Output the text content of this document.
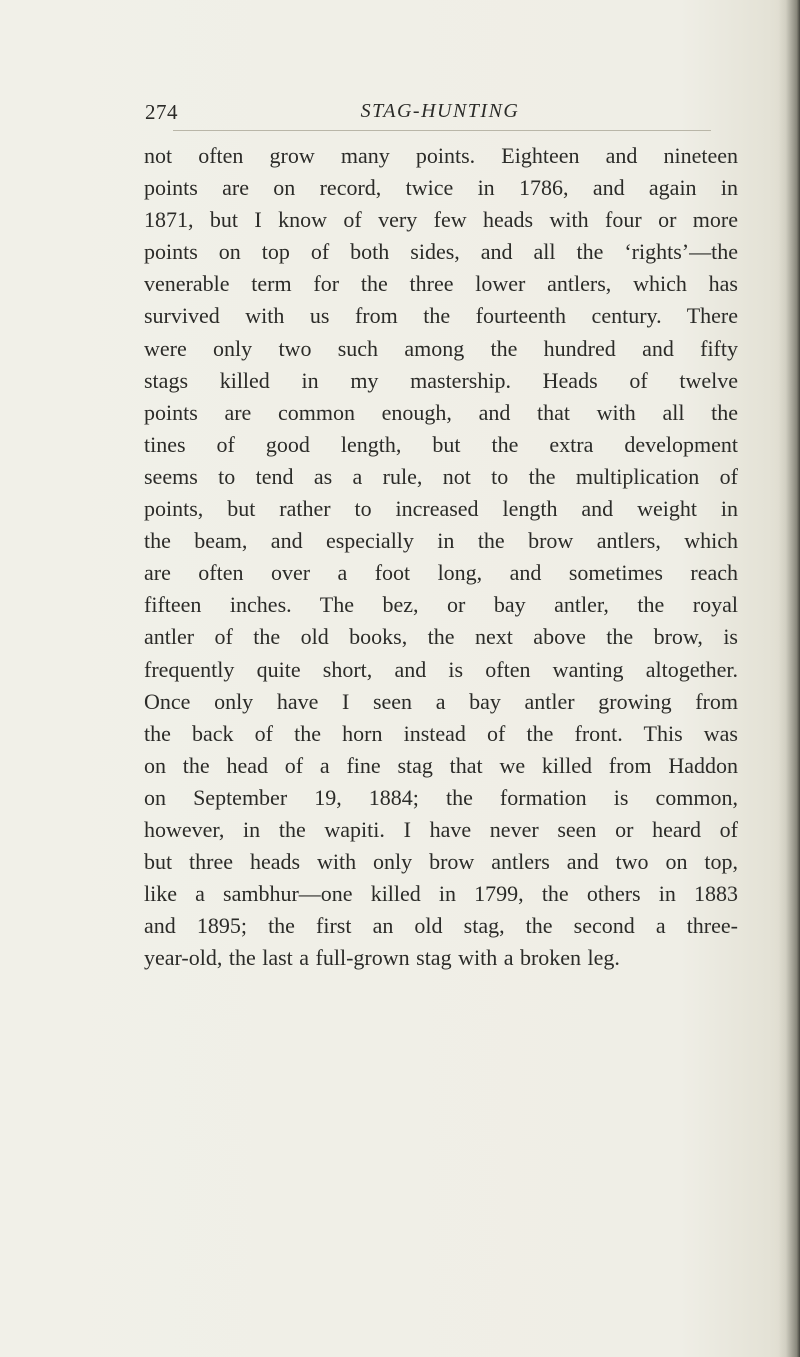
274	STAG-HUNTING
not often grow many points. Eighteen and nineteen
points are on record, twice in 1786, and again in
1871, but I know of very few heads with four or more
points on top of both sides, and all the ‘rights’—the
venerable term for the three lower antlers, which has
survived with us from the fourteenth century. There
were only two such among the hundred and fifty
stags killed in my mastership. Heads of twelve
points are common enough, and that with all the
tines of good length, but the extra development
seems to tend as a rule, not to the multiplication of
points, but rather to increased length and weight in
the beam, and especially in the brow antlers, which
are often over a foot long, and sometimes reach
fifteen inches. The bez, or bay antler, the royal
antler of the old books, the next above the brow, is
frequently quite short, and is often wanting altogether.
Once only have I seen a bay antler growing from
the back of the horn instead of the front. This was
on the head of a fine stag that we killed from Haddon
on September 19, 1884; the formation is common,
however, in the wapiti. I have never seen or heard of
but three heads with only brow antlers and two on top,
like a sambhur—one killed in 1799, the others in 1883
and 1895; the first an old stag, the second a three-
year-old, the last a full-grown stag with a broken leg.
